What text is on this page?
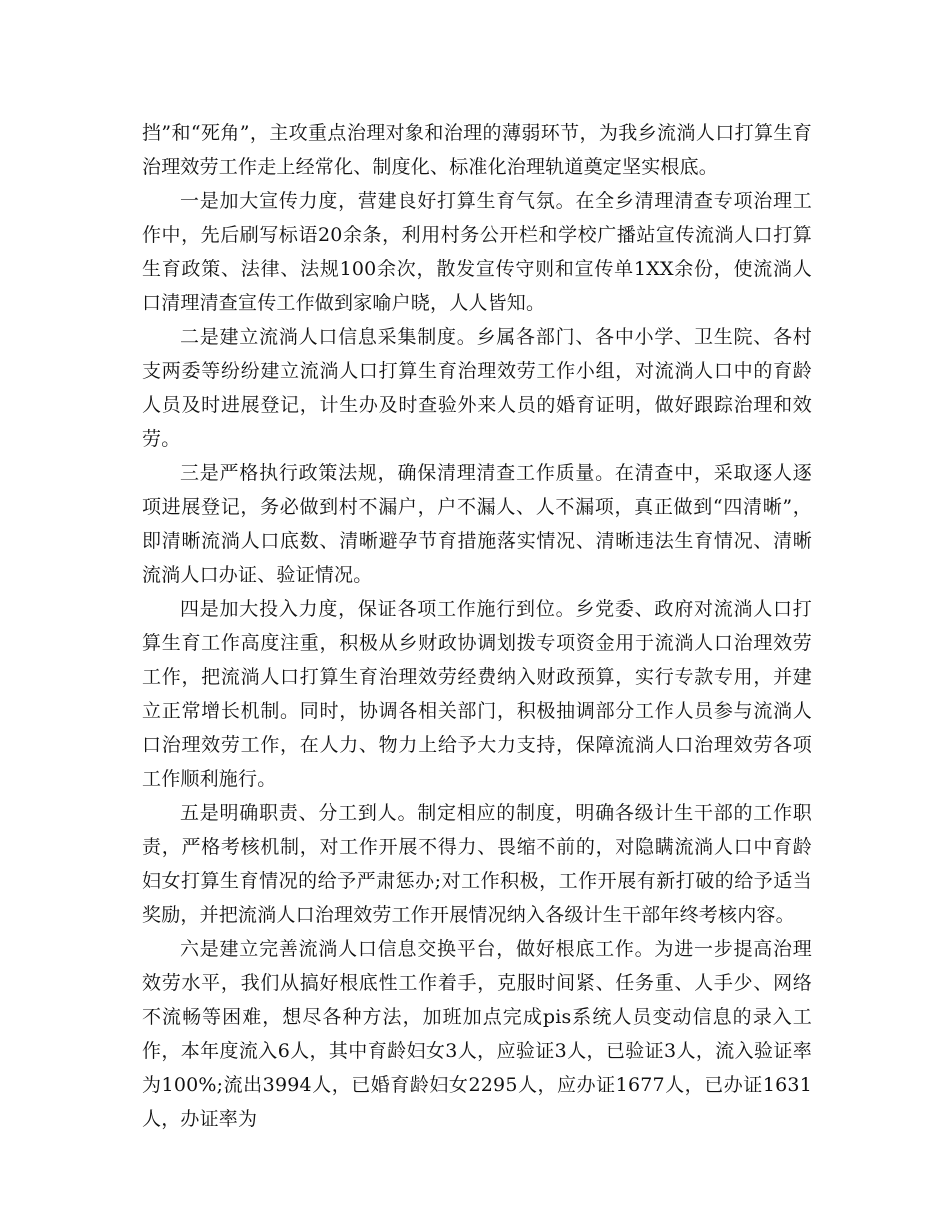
挡”和“死角”，主攻重点治理对象和治理的薄弱环节，为我乡流淌人口打算生育治理效劳工作走上经常化、制度化、标准化治理轨道奠定坚实根底。

一是加大宣传力度，营建良好打算生育气氛。在全乡清理清查专项治理工作中，先后刷写标语20余条，利用村务公开栏和学校广播站宣传流淌人口打算生育政策、法律、法规100余次，散发宣传守则和宣传单1XX余份，使流淌人口清理清查宣传工作做到家喻户晓，人人皆知。

二是建立流淌人口信息采集制度。乡属各部门、各中小学、卫生院、各村支两委等纷纷建立流淌人口打算生育治理效劳工作小组，对流淌人口中的育龄人员及时进展登记，计生办及时查验外来人员的婚育证明，做好跟踪治理和效劳。

三是严格执行政策法规，确保清理清查工作质量。在清查中，采取逐人逐项进展登记，务必做到村不漏户，户不漏人、人不漏项，真正做到“四清晰”，即清晰流淌人口底数、清晰避孕节育措施落实情况、清晰违法生育情况、清晰流淌人口办证、验证情况。

四是加大投入力度，保证各项工作施行到位。乡党委、政府对流淌人口打算生育工作高度注重，积极从乡财政协调划拨专项资金用于流淌人口治理效劳工作，把流淌人口打算生育治理效劳经费纳入财政预算，实行专款专用，并建立正常增长机制。同时，协调各相关部门，积极抽调部分工作人员参与流淌人口治理效劳工作，在人力、物力上给予大力支持，保障流淌人口治理效劳各项工作顺利施行。

五是明确职责、分工到人。制定相应的制度，明确各级计生干部的工作职责，严格考核机制，对工作开展不得力、畏缩不前的，对隐瞒流淌人口中育龄妇女打算生育情况的给予严肃惩办;对工作积极，工作开展有新打破的给予适当奖励，并把流淌人口治理效劳工作开展情况纳入各级计生干部年终考核内容。

六是建立完善流淌人口信息交换平台，做好根底工作。为进一步提高治理效劳水平，我们从搞好根底性工作着手，克服时间紧、任务重、人手少、网络不流畅等困难，想尽各种方法，加班加点完成pis系统人员变动信息的录入工作，本年度流入6人，其中育龄妇女3人，应验证3人，已验证3人，流入验证率为100%;流出3994人，已婚育龄妇女2295人，应办证1677人，已办证1631人，办证率为
